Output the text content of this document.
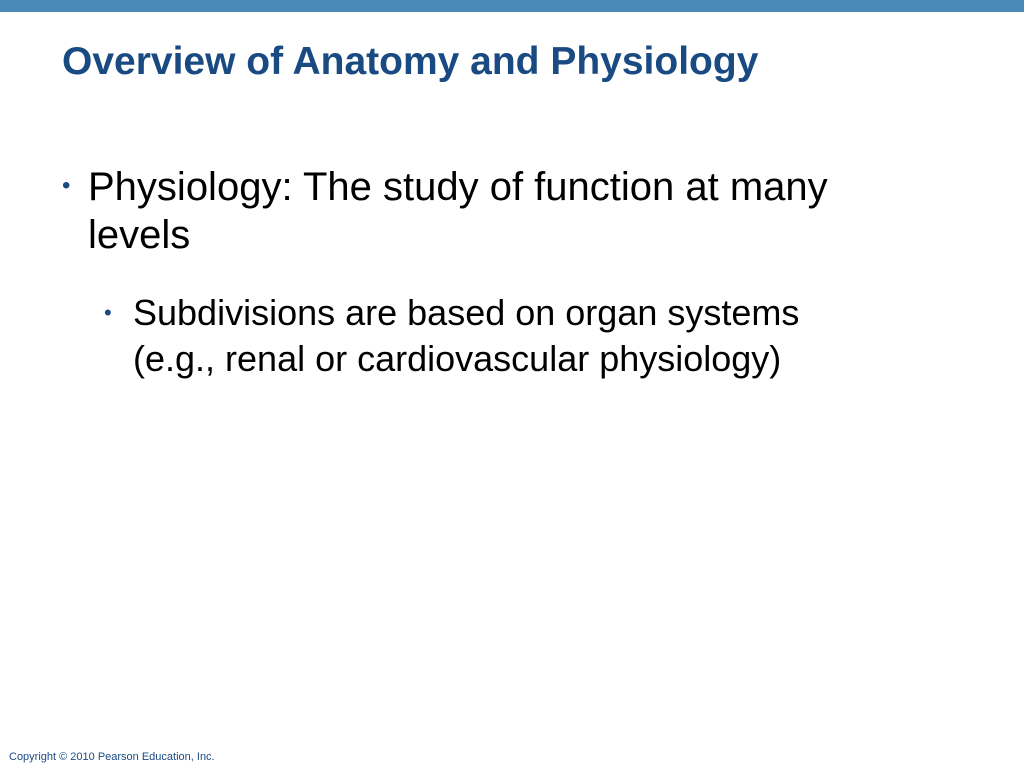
Overview of Anatomy and Physiology
• Physiology: The study of function at many
levels
• Subdivisions are based on organ systems
(e.g., renal or cardiovascular physiology)
Copyright © 2010 Pearson Education, Inc.
